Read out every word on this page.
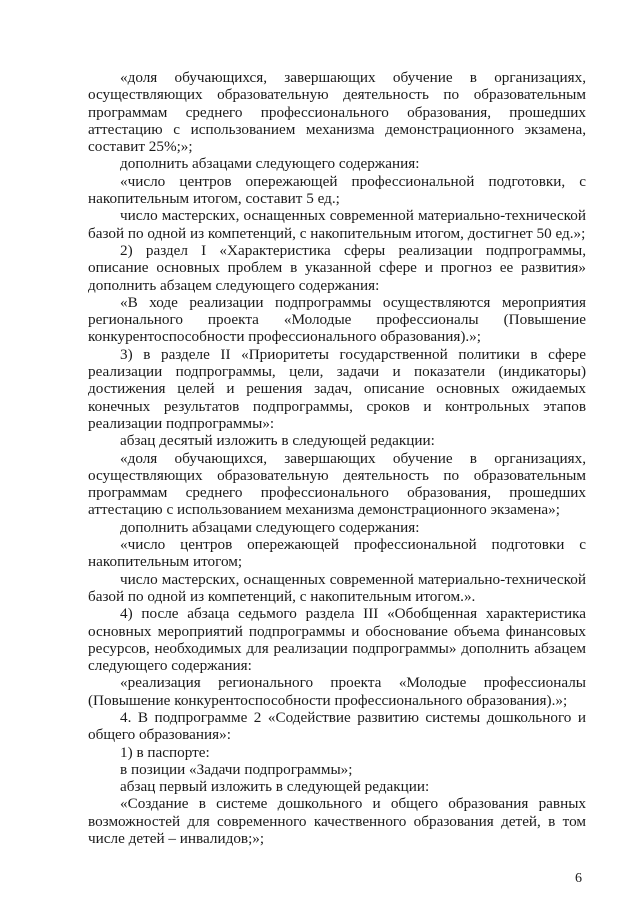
«доля обучающихся, завершающих обучение в организациях, осуществляющих образовательную деятельность по образовательным программам среднего профессионального образования, прошедших аттестацию с использованием механизма демонстрационного экзамена, составит 25%;»;

дополнить абзацами следующего содержания:

«число центров опережающей профессиональной подготовки, с накопительным итогом, составит 5 ед.;

число мастерских, оснащенных современной материально-технической базой по одной из компетенций, с накопительным итогом, достигнет 50 ед.»;

2) раздел I «Характеристика сферы реализации подпрограммы, описание основных проблем в указанной сфере и прогноз ее развития» дополнить абзацем следующего содержания:

«В ходе реализации подпрограммы осуществляются мероприятия регионального проекта «Молодые профессионалы (Повышение конкурентоспособности профессионального образования).»;

3) в разделе II «Приоритеты государственной политики в сфере реализации подпрограммы, цели, задачи и показатели (индикаторы) достижения целей и решения задач, описание основных ожидаемых конечных результатов подпрограммы, сроков и контрольных этапов реализации подпрограммы»:

абзац десятый изложить в следующей редакции:

«доля обучающихся, завершающих обучение в организациях, осуществляющих образовательную деятельность по образовательным программам среднего профессионального образования, прошедших аттестацию с использованием механизма демонстрационного экзамена»;

дополнить абзацами следующего содержания:

«число центров опережающей профессиональной подготовки с накопительным итогом;

число мастерских, оснащенных современной материально-технической базой по одной из компетенций, с накопительным итогом.».

4) после абзаца седьмого раздела III «Обобщенная характеристика основных мероприятий подпрограммы и обоснование объема финансовых ресурсов, необходимых для реализации подпрограммы» дополнить абзацем следующего содержания:

«реализация регионального проекта «Молодые профессионалы (Повышение конкурентоспособности профессионального образования).»;

4. В подпрограмме 2 «Содействие развитию системы дошкольного и общего образования»:

1) в паспорте:

в позиции «Задачи подпрограммы»;

абзац первый изложить в следующей редакции:

«Создание в системе дошкольного и общего образования равных возможностей для современного качественного образования детей, в том числе детей – инвалидов;»;

6
